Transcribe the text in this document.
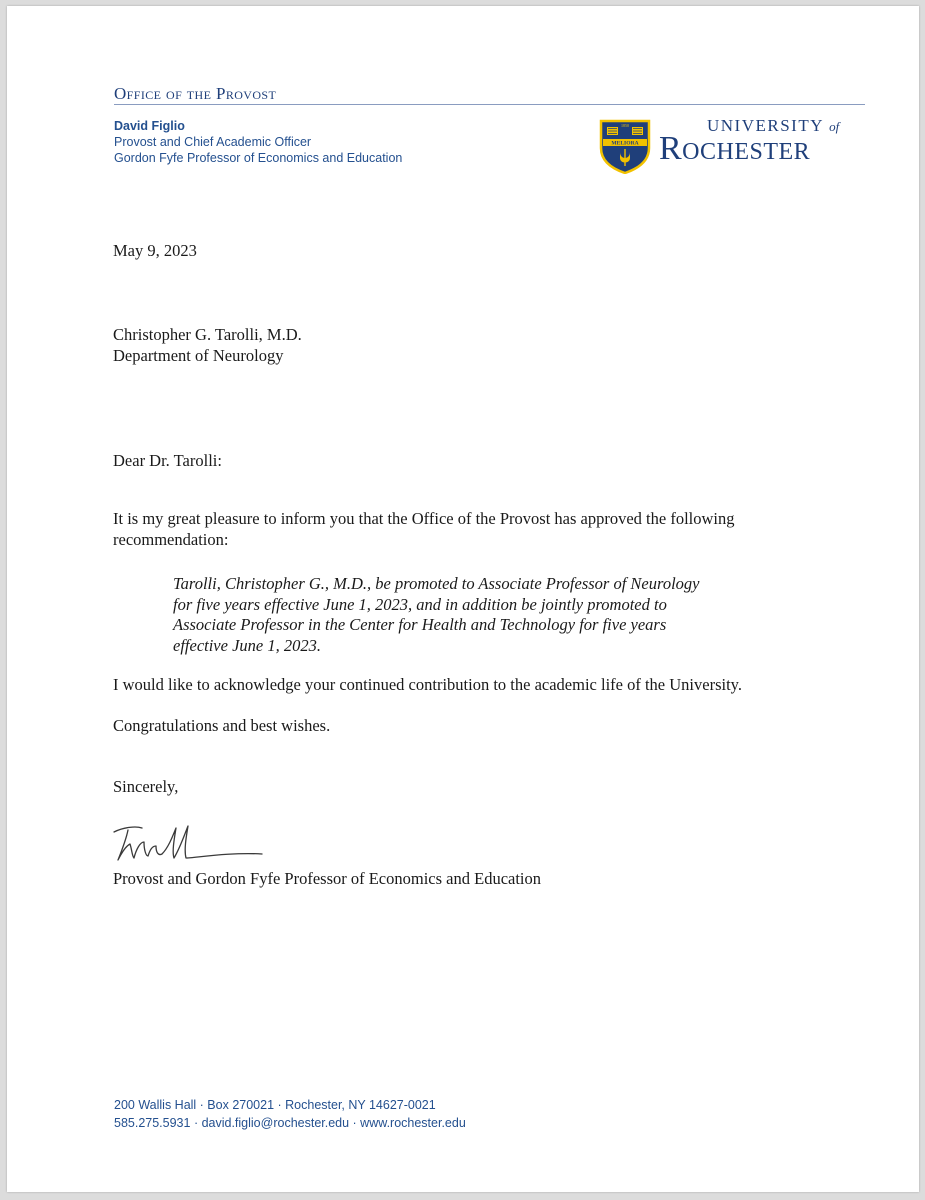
Office of the Provost
David Figlio
Provost and Chief Academic Officer
Gordon Fyfe Professor of Economics and Education
MELIORA
1850	UNIVERSITY of
Rochester
May 9, 2023
Christopher G. Tarolli, M.D.
Department of Neurology
Dear Dr. Tarolli:
It is my great pleasure to inform you that the Office of the Provost has approved the following
recommendation:
Tarolli, Christopher G., M.D., be promoted to Associate Professor of Neurology
for five years effective June 1, 2023, and in addition be jointly promoted to
Associate Professor in the Center for Health and Technology for five years
effective June 1, 2023.
I would like to acknowledge your continued contribution to the academic life of the University.
Congratulations and best wishes.
Sincerely,
Provost and Gordon Fyfe Professor of Economics and Education
200 Wallis Hall · Box 270021 · Rochester, NY 14627-0021
585.275.5931 · david.figlio@rochester.edu · www.rochester.edu
